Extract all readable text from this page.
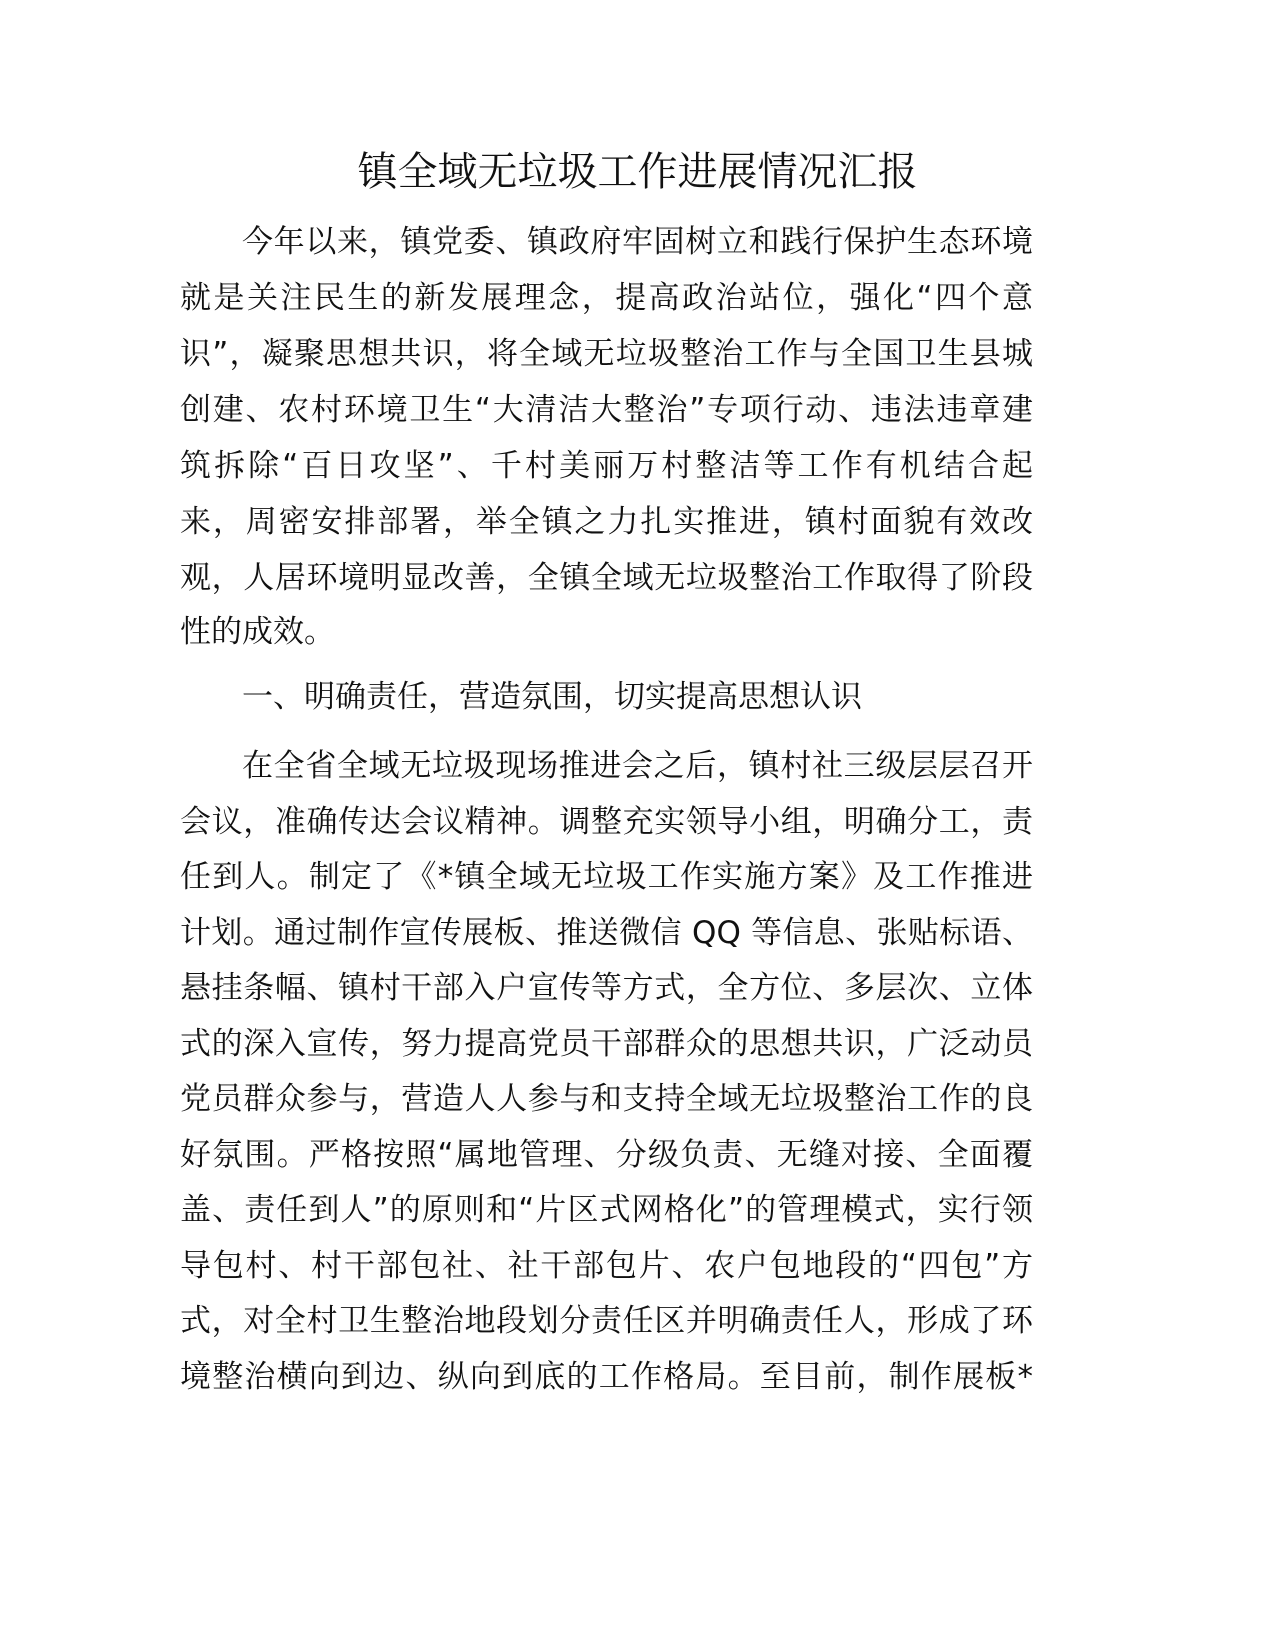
镇全域无垃圾工作进展情况汇报
今年以来，镇党委、镇政府牢固树立和践行保护生态环境
就是关注民生的新发展理念，提高政治站位，强化“四个意
识”，凝聚思想共识，将全域无垃圾整治工作与全国卫生县城
创建、农村环境卫生“大清洁大整治”专项行动、违法违章建
筑拆除“百日攻坚”、千村美丽万村整洁等工作有机结合起
来，周密安排部署，举全镇之力扎实推进，镇村面貌有效改
观，人居环境明显改善，全镇全域无垃圾整治工作取得了阶段
性的成效。
一、明确责任，营造氛围，切实提高思想认识
在全省全域无垃圾现场推进会之后，镇村社三级层层召开
会议，准确传达会议精神。调整充实领导小组，明确分工，责
任到人。制定了《*镇全域无垃圾工作实施方案》及工作推进
计划。通过制作宣传展板、推送微信 QQ 等信息、张贴标语、
悬挂条幅、镇村干部入户宣传等方式，全方位、多层次、立体
式的深入宣传，努力提高党员干部群众的思想共识，广泛动员
党员群众参与，营造人人参与和支持全域无垃圾整治工作的良
好氛围。严格按照“属地管理、分级负责、无缝对接、全面覆
盖、责任到人”的原则和“片区式网格化”的管理模式，实行领
导包村、村干部包社、社干部包片、农户包地段的“四包”方
式，对全村卫生整治地段划分责任区并明确责任人，形成了环
境整治横向到边、纵向到底的工作格局。至目前，制作展板*
